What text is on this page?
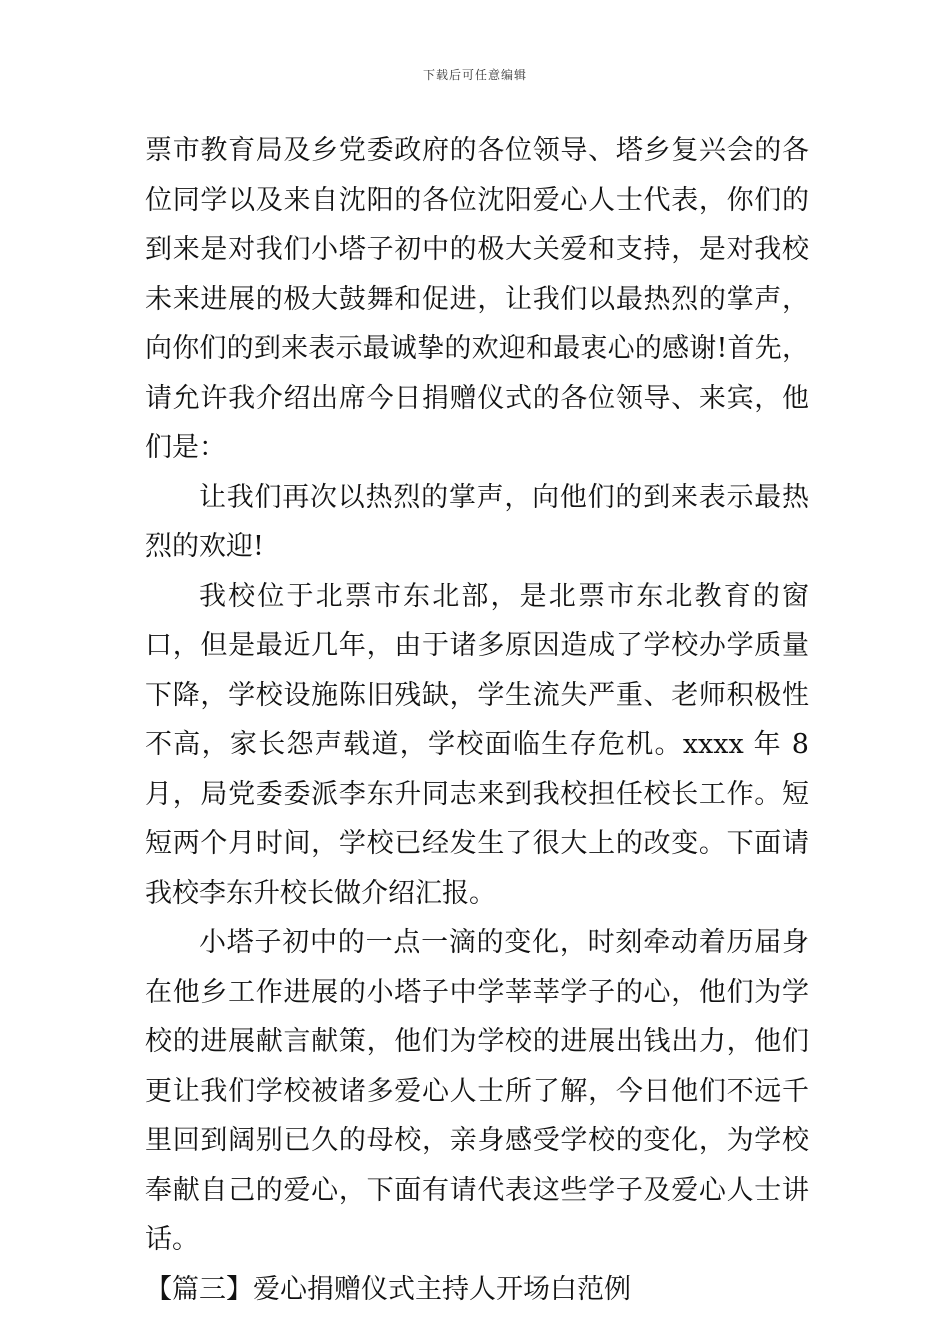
下载后可任意编辑

票市教育局及乡党委政府的各位领导、塔乡复兴会的各位同学以及来自沈阳的各位沈阳爱心人士代表，你们的到来是对我们小塔子初中的极大关爱和支持，是对我校未来进展的极大鼓舞和促进，让我们以最热烈的掌声，向你们的到来表示最诚挚的欢迎和最衷心的感谢!首先，请允许我介绍出席今日捐赠仪式的各位领导、来宾，他们是：

让我们再次以热烈的掌声，向他们的到来表示最热烈的欢迎!

我校位于北票市东北部，是北票市东北教育的窗口，但是最近几年，由于诸多原因造成了学校办学质量下降，学校设施陈旧残缺，学生流失严重、老师积极性不高，家长怨声载道，学校面临生存危机。xxxx 年 8 月，局党委委派李东升同志来到我校担任校长工作。短短两个月时间，学校已经发生了很大上的改变。下面请我校李东升校长做介绍汇报。

小塔子初中的一点一滴的变化，时刻牵动着历届身在他乡工作进展的小塔子中学莘莘学子的心，他们为学校的进展献言献策，他们为学校的进展出钱出力，他们更让我们学校被诸多爱心人士所了解，今日他们不远千里回到阔别已久的母校，亲身感受学校的变化，为学校奉献自己的爱心，下面有请代表这些学子及爱心人士讲话。

【篇三】爱心捐赠仪式主持人开场白范例
